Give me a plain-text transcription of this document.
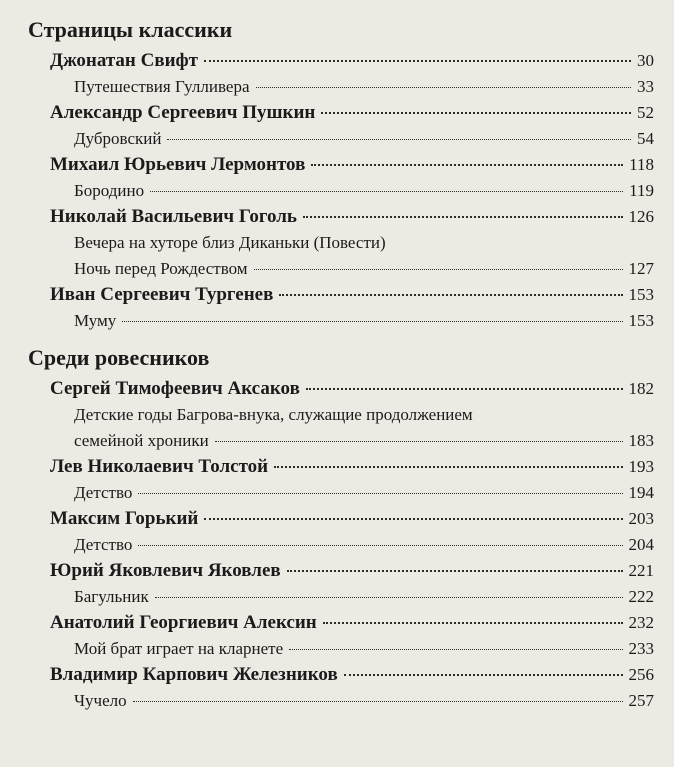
Страницы классики
Джонатан Свифт	30
Путешествия Гулливера	33
Александр Сергеевич Пушкин	52
Дубровский	54
Михаил Юрьевич Лермонтов	118
Бородино	119
Николай Васильевич Гоголь	126
Вечера на хуторе близ Диканьки (Повести)
Ночь перед Рождеством	127
Иван Сергеевич Тургенев	153
Муму	153
Среди ровесников
Сергей Тимофеевич Аксаков	182
Детские годы Багрова-внука, служащие продолжением
семейной хроники	183
Лев Николаевич Толстой	193
Детство	194
Максим Горький	203
Детство	204
Юрий Яковлевич Яковлев	221
Багульник	222
Анатолий Георгиевич Алексин	232
Мой брат играет на кларнете	233
Владимир Карпович Железников	256
Чучело	257
